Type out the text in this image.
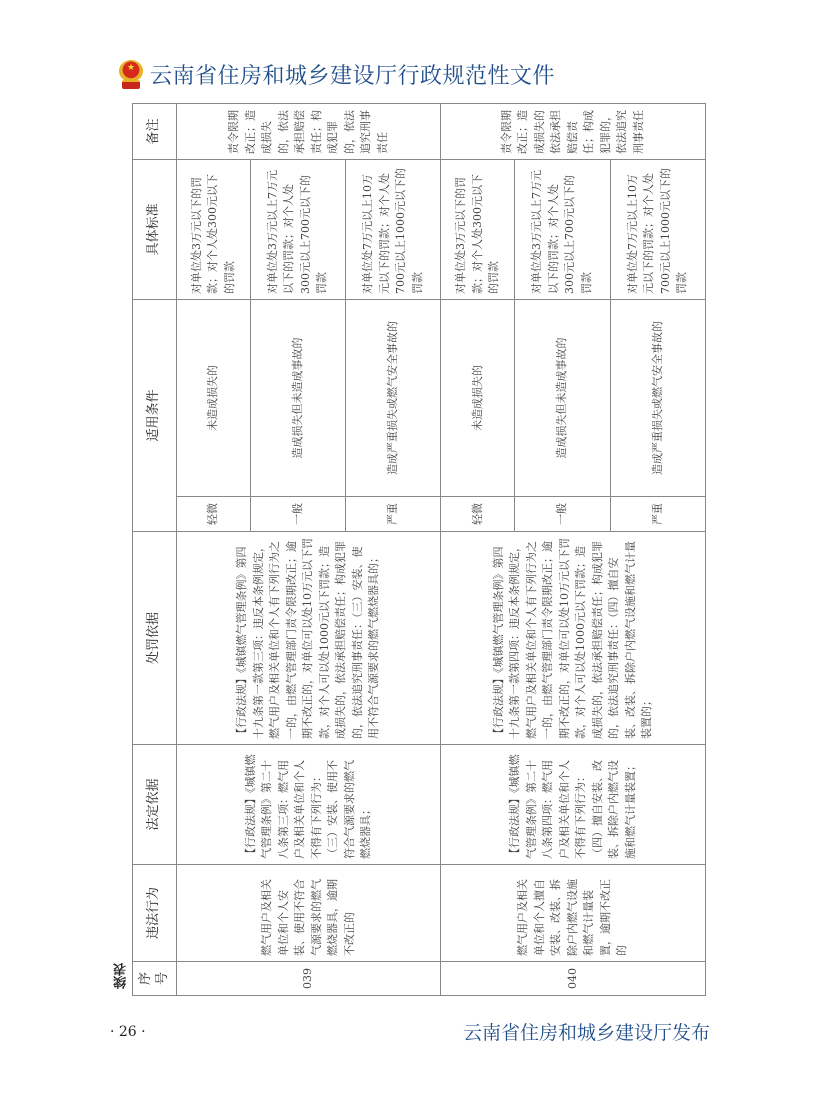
★ 云南省住房和城乡建设厅行政规范性文件
续表 序号	违法行为	法定依据	处罚依据	适用条件		具体标准	备注
039	燃气用户及相关单位和个人安装、使用不符合气源要求的燃气燃烧器具，逾期不改正的	【行政法规】《城镇燃气管理条例》第二十八条第三项：燃气用户及相关单位和个人不得有下列行为：（三）安装、使用不符合气源要求的燃气燃烧器具；	【行政法规】《城镇燃气管理条例》第四十九条第一款第三项：违反本条例规定，燃气用户及相关单位和个人有下列行为之一的，由燃气管理部门责令限期改正；逾期不改正的，对单位可以处10万元以下罚款，对个人可以处1000元以下罚款；造成损失的，依法承担赔偿责任；构成犯罪的，依法追究刑事责任：（三）安装、使用不符合气源要求的燃气燃烧器具的；	轻微	未造成损失的	对单位处3万元以下的罚款；对个人处300元以下的罚款	责令限期改正；造成损失的，依法承担赔偿责任；构成犯罪的，依法追究刑事责任
				一般	造成损失但未造成事故的	对单位处3万元以上7万元以下的罚款；对个人处300元以上700元以下的罚款	
				严重	造成严重损失或燃气安全事故的	对单位处7万元以上10万元以下的罚款；对个人处700元以上1000元以下的罚款	
040	燃气用户及相关单位和个人擅自安装、改装、拆除户内燃气设施和燃气计量装置，逾期不改正的	【行政法规】《城镇燃气管理条例》第二十八条第四项：燃气用户及相关单位和个人不得有下列行为：（四）擅自安装、改装、拆除户内燃气设施和燃气计量装置；	【行政法规】《城镇燃气管理条例》第四十九条第一款第四项：违反本条例规定，燃气用户及相关单位和个人有下列行为之一的，由燃气管理部门责令限期改正；逾期不改正的，对单位可以处10万元以下罚款，对个人可以处1000元以下罚款；造成损失的，依法承担赔偿责任；构成犯罪的，依法追究刑事责任：（四）擅自安装、改装、拆除户内燃气设施和燃气计量装置的；	轻微	未造成损失的	对单位处3万元以下的罚款；对个人处300元以下的罚款	责令限期改正；造成损失的依法承担赔偿责任；构成犯罪的，依法追究刑事责任
				一般	造成损失但未造成事故的	对单位处3万元以上7万元以下的罚款；对个人处300元以上700元以下的罚款	
				严重	造成严重损失或燃气安全事故的	对单位处7万元以上10万元以下的罚款；对个人处700元以上1000元以下的罚款	
· 26 ·	云南省住房和城乡建设厅发布
